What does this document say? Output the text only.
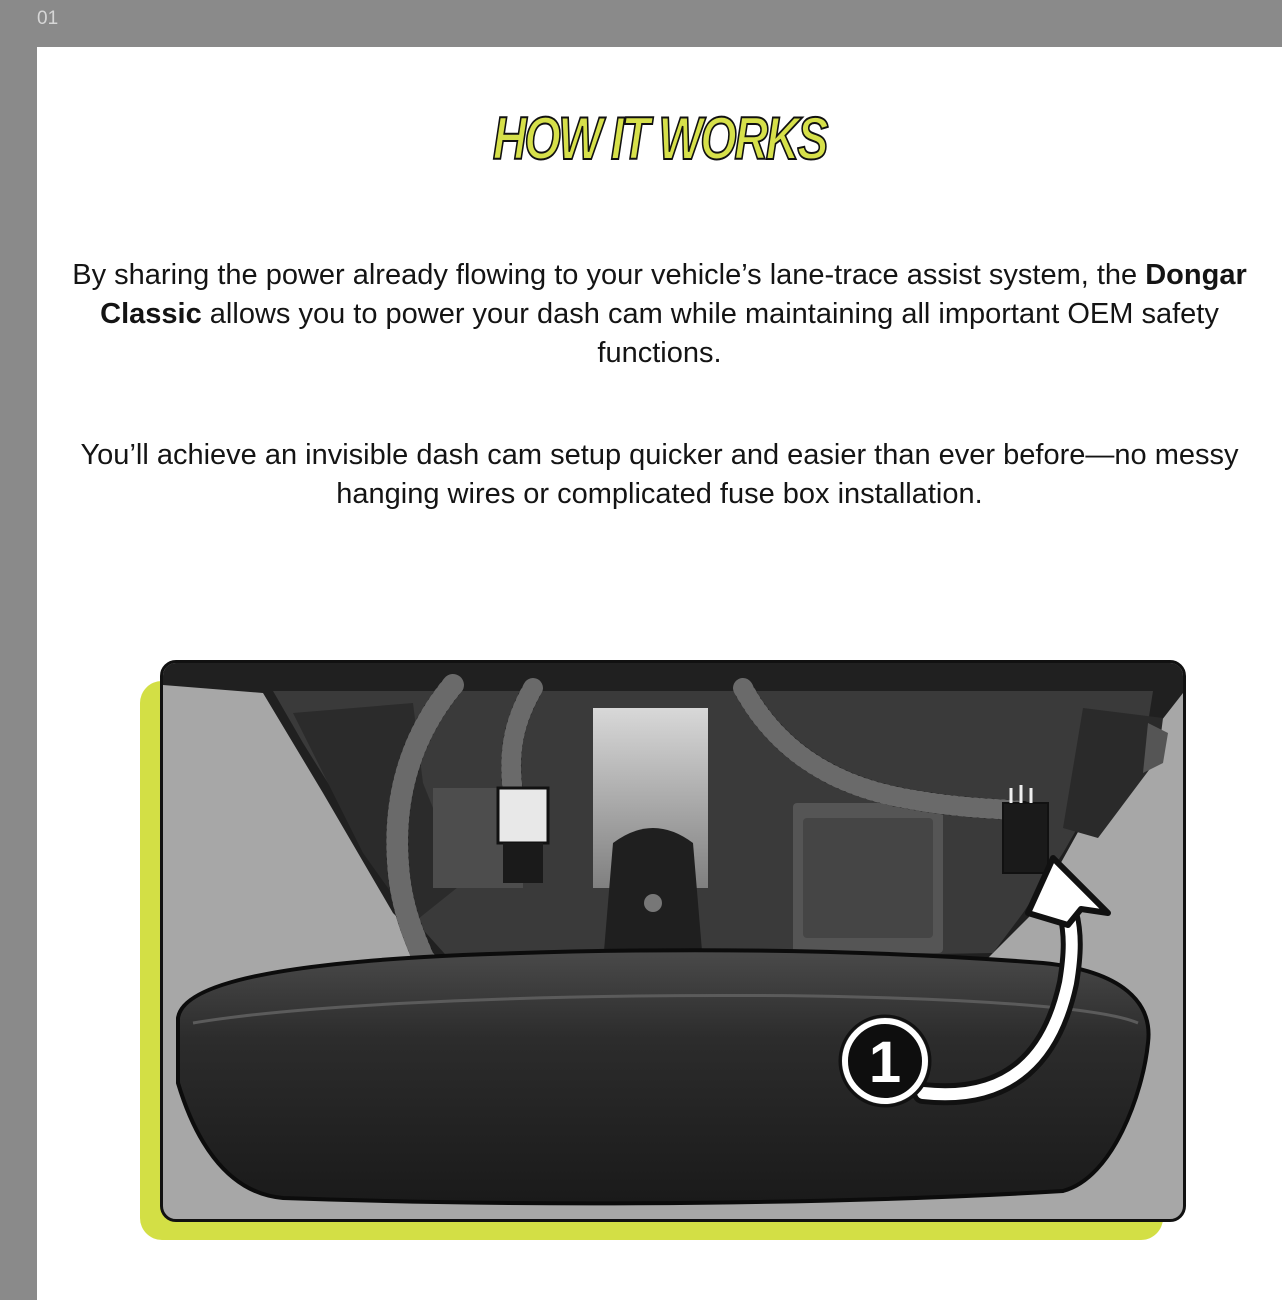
01
HOW IT WORKS

By sharing the power already flowing to your vehicle’s lane-trace assist system, the Dongar Classic allows you to power your dash cam while maintaining all important OEM safety functions.

You’ll achieve an invisible dash cam setup quicker and easier than ever before—no messy hanging wires or complicated fuse box installation.
1
